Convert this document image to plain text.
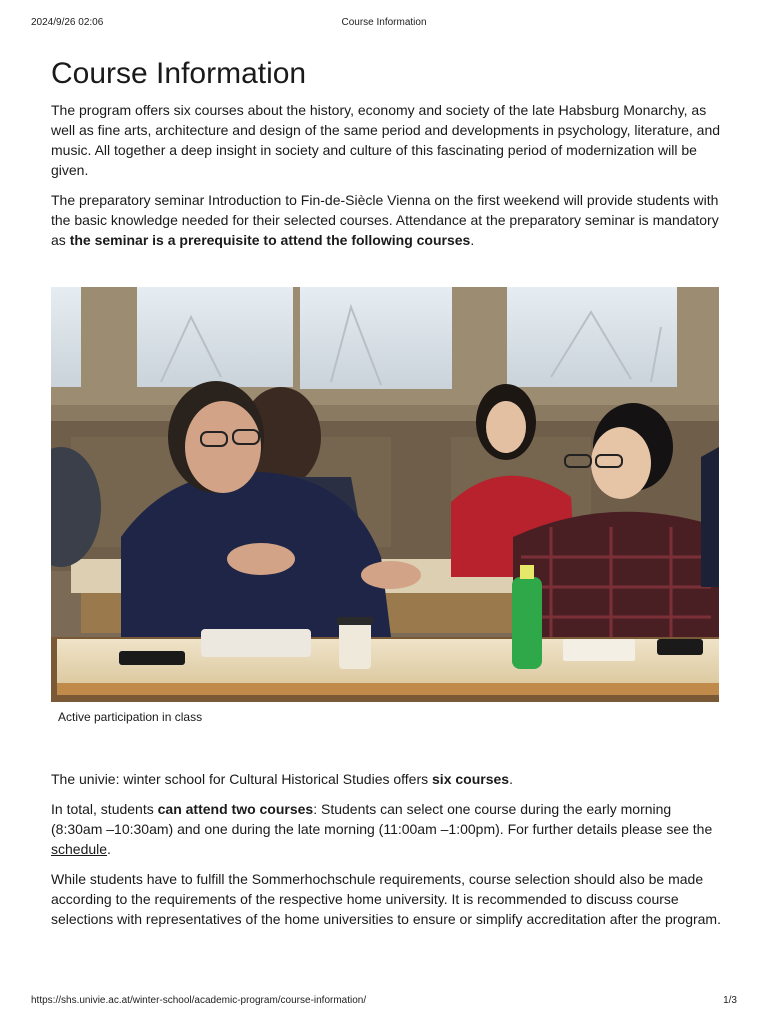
2024/9/26 02:06	Course Information
Course Information

The program offers six courses about the history, economy and society of the late Habsburg Monarchy, as well as fine arts, architecture and design of the same period and developments in psychology, literature, and music. All together a deep insight in society and culture of this fascinating period of modernization will be given.

The preparatory seminar Introduction to Fin-de-Siècle Vienna on the first weekend will provide students with the basic knowledge needed for their selected courses. Attendance at the preparatory seminar is mandatory as the seminar is a prerequisite to attend the following courses.

Active participation in class

The univie: winter school for Cultural Historical Studies offers six courses.

In total, students can attend two courses: Students can select one course during the early morning (8:30am –10:30am) and one during the late morning (11:00am –1:00pm). For further details please see the schedule.

While students have to fulfill the Sommerhochschule requirements, course selection should also be made according to the requirements of the respective home university. It is recommended to discuss course selections with representatives of the home universities to ensure or simplify accreditation after the program.

https://shs.univie.ac.at/winter-school/academic-program/course-information/	1/3
